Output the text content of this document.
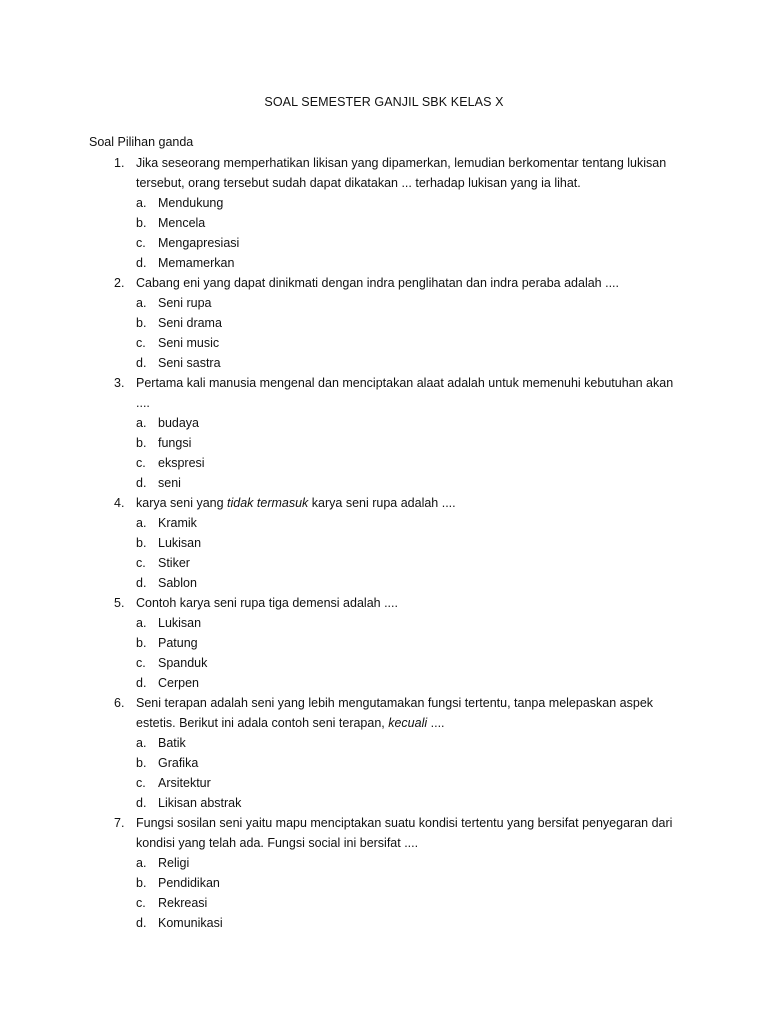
SOAL SEMESTER GANJIL SBK KELAS X
Soal Pilihan ganda
1. Jika seseorang memperhatikan likisan yang dipamerkan, lemudian berkomentar tentang lukisan tersebut, orang tersebut sudah dapat dikatakan ... terhadap lukisan yang ia lihat.
a. Mendukung
b. Mencela
c. Mengapresiasi
d. Memamerkan
2. Cabang eni yang dapat dinikmati dengan indra penglihatan dan indra peraba adalah ....
a. Seni rupa
b. Seni drama
c. Seni music
d. Seni sastra
3. Pertama kali manusia mengenal dan menciptakan alaat adalah untuk memenuhi kebutuhan akan ....
a. budaya
b. fungsi
c. ekspresi
d. seni
4. karya seni yang tidak termasuk karya seni rupa adalah ....
a. Kramik
b. Lukisan
c. Stiker
d. Sablon
5. Contoh karya seni rupa tiga demensi adalah ....
a. Lukisan
b. Patung
c. Spanduk
d. Cerpen
6. Seni terapan adalah seni yang lebih mengutamakan fungsi tertentu, tanpa melepaskan aspek estetis. Berikut ini adala contoh seni terapan, kecuali ....
a. Batik
b. Grafika
c. Arsitektur
d. Likisan abstrak
7. Fungsi sosilan seni yaitu mapu menciptakan suatu kondisi tertentu yang bersifat penyegaran dari kondisi yang telah ada. Fungsi social ini bersifat ....
a. Religi
b. Pendidikan
c. Rekreasi
d. Komunikasi
